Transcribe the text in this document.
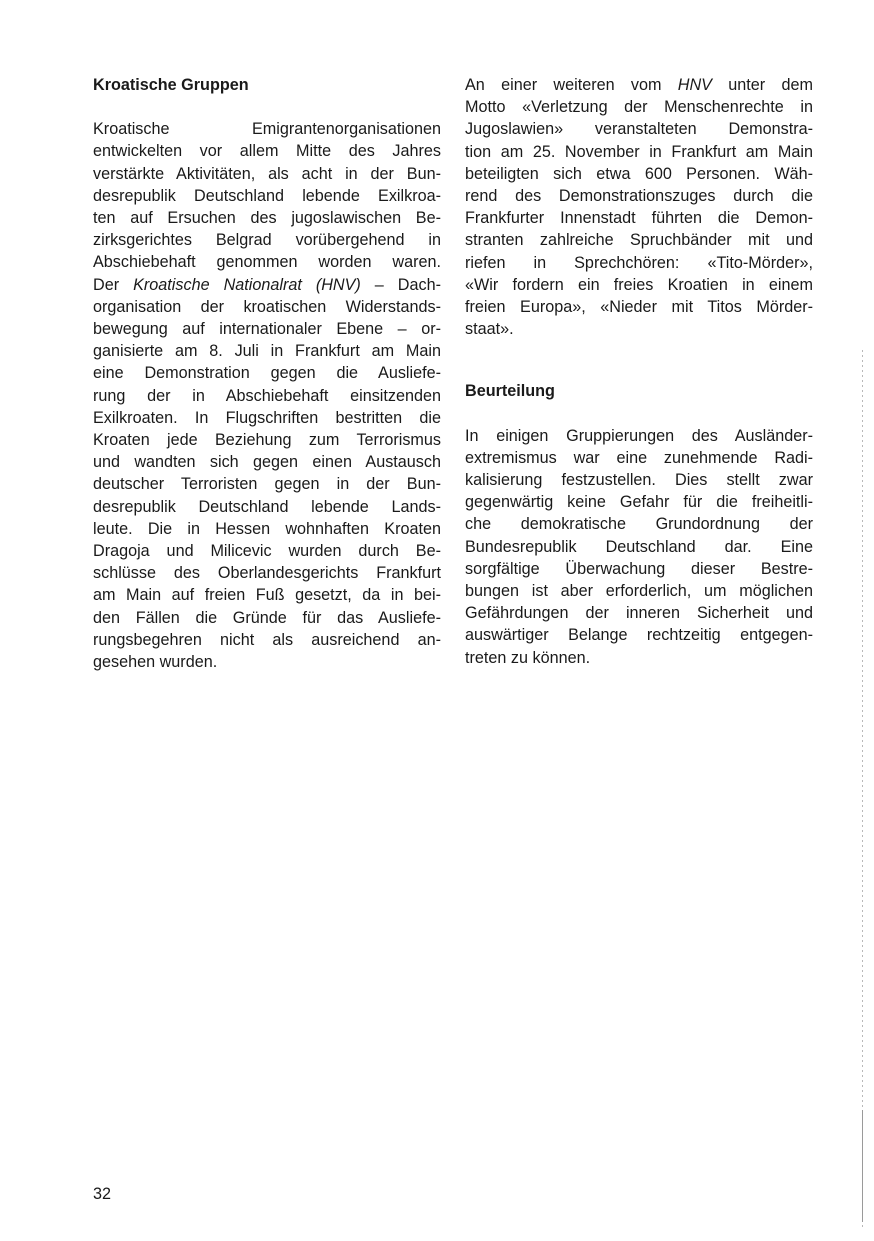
Kroatische Gruppen

Kroatische Emigrantenorganisationen
entwickelten vor allem Mitte des Jahres
verstärkte Aktivitäten, als acht in der Bun-
desrepublik Deutschland lebende Exilkroa-
ten auf Ersuchen des jugoslawischen Be-
zirksgerichtes Belgrad vorübergehend in
Abschiebehaft genommen worden waren.
Der Kroatische Nationalrat (HNV) – Dach-
organisation der kroatischen Widerstands-
bewegung auf internationaler Ebene – or-
ganisierte am 8. Juli in Frankfurt am Main
eine Demonstration gegen die Ausliefe-
rung der in Abschiebehaft einsitzenden
Exilkroaten. In Flugschriften bestritten die
Kroaten jede Beziehung zum Terrorismus
und wandten sich gegen einen Austausch
deutscher Terroristen gegen in der Bun-
desrepublik Deutschland lebende Lands-
leute. Die in Hessen wohnhaften Kroaten
Dragoja und Milicevic wurden durch Be-
schlüsse des Oberlandesgerichts Frankfurt
am Main auf freien Fuß gesetzt, da in bei-
den Fällen die Gründe für das Ausliefe-
rungsbegehren nicht als ausreichend an-
gesehen wurden.

An einer weiteren vom HNV unter dem
Motto «Verletzung der Menschenrechte in
Jugoslawien» veranstalteten Demonstra-
tion am 25. November in Frankfurt am Main
beteiligten sich etwa 600 Personen. Wäh-
rend des Demonstrationszuges durch die
Frankfurter Innenstadt führten die Demon-
stranten zahlreiche Spruchbänder mit und
riefen in Sprechchören: «Tito-Mörder»,
«Wir fordern ein freies Kroatien in einem
freien Europa», «Nieder mit Titos Mörder-
staat».

Beurteilung

In einigen Gruppierungen des Ausländer-
extremismus war eine zunehmende Radi-
kalisierung festzustellen. Dies stellt zwar
gegenwärtig keine Gefahr für die freiheitli-
che demokratische Grundordnung der
Bundesrepublik Deutschland dar. Eine
sorgfältige Überwachung dieser Bestre-
bungen ist aber erforderlich, um möglichen
Gefährdungen der inneren Sicherheit und
auswärtiger Belange rechtzeitig entgegen-
treten zu können.

32
